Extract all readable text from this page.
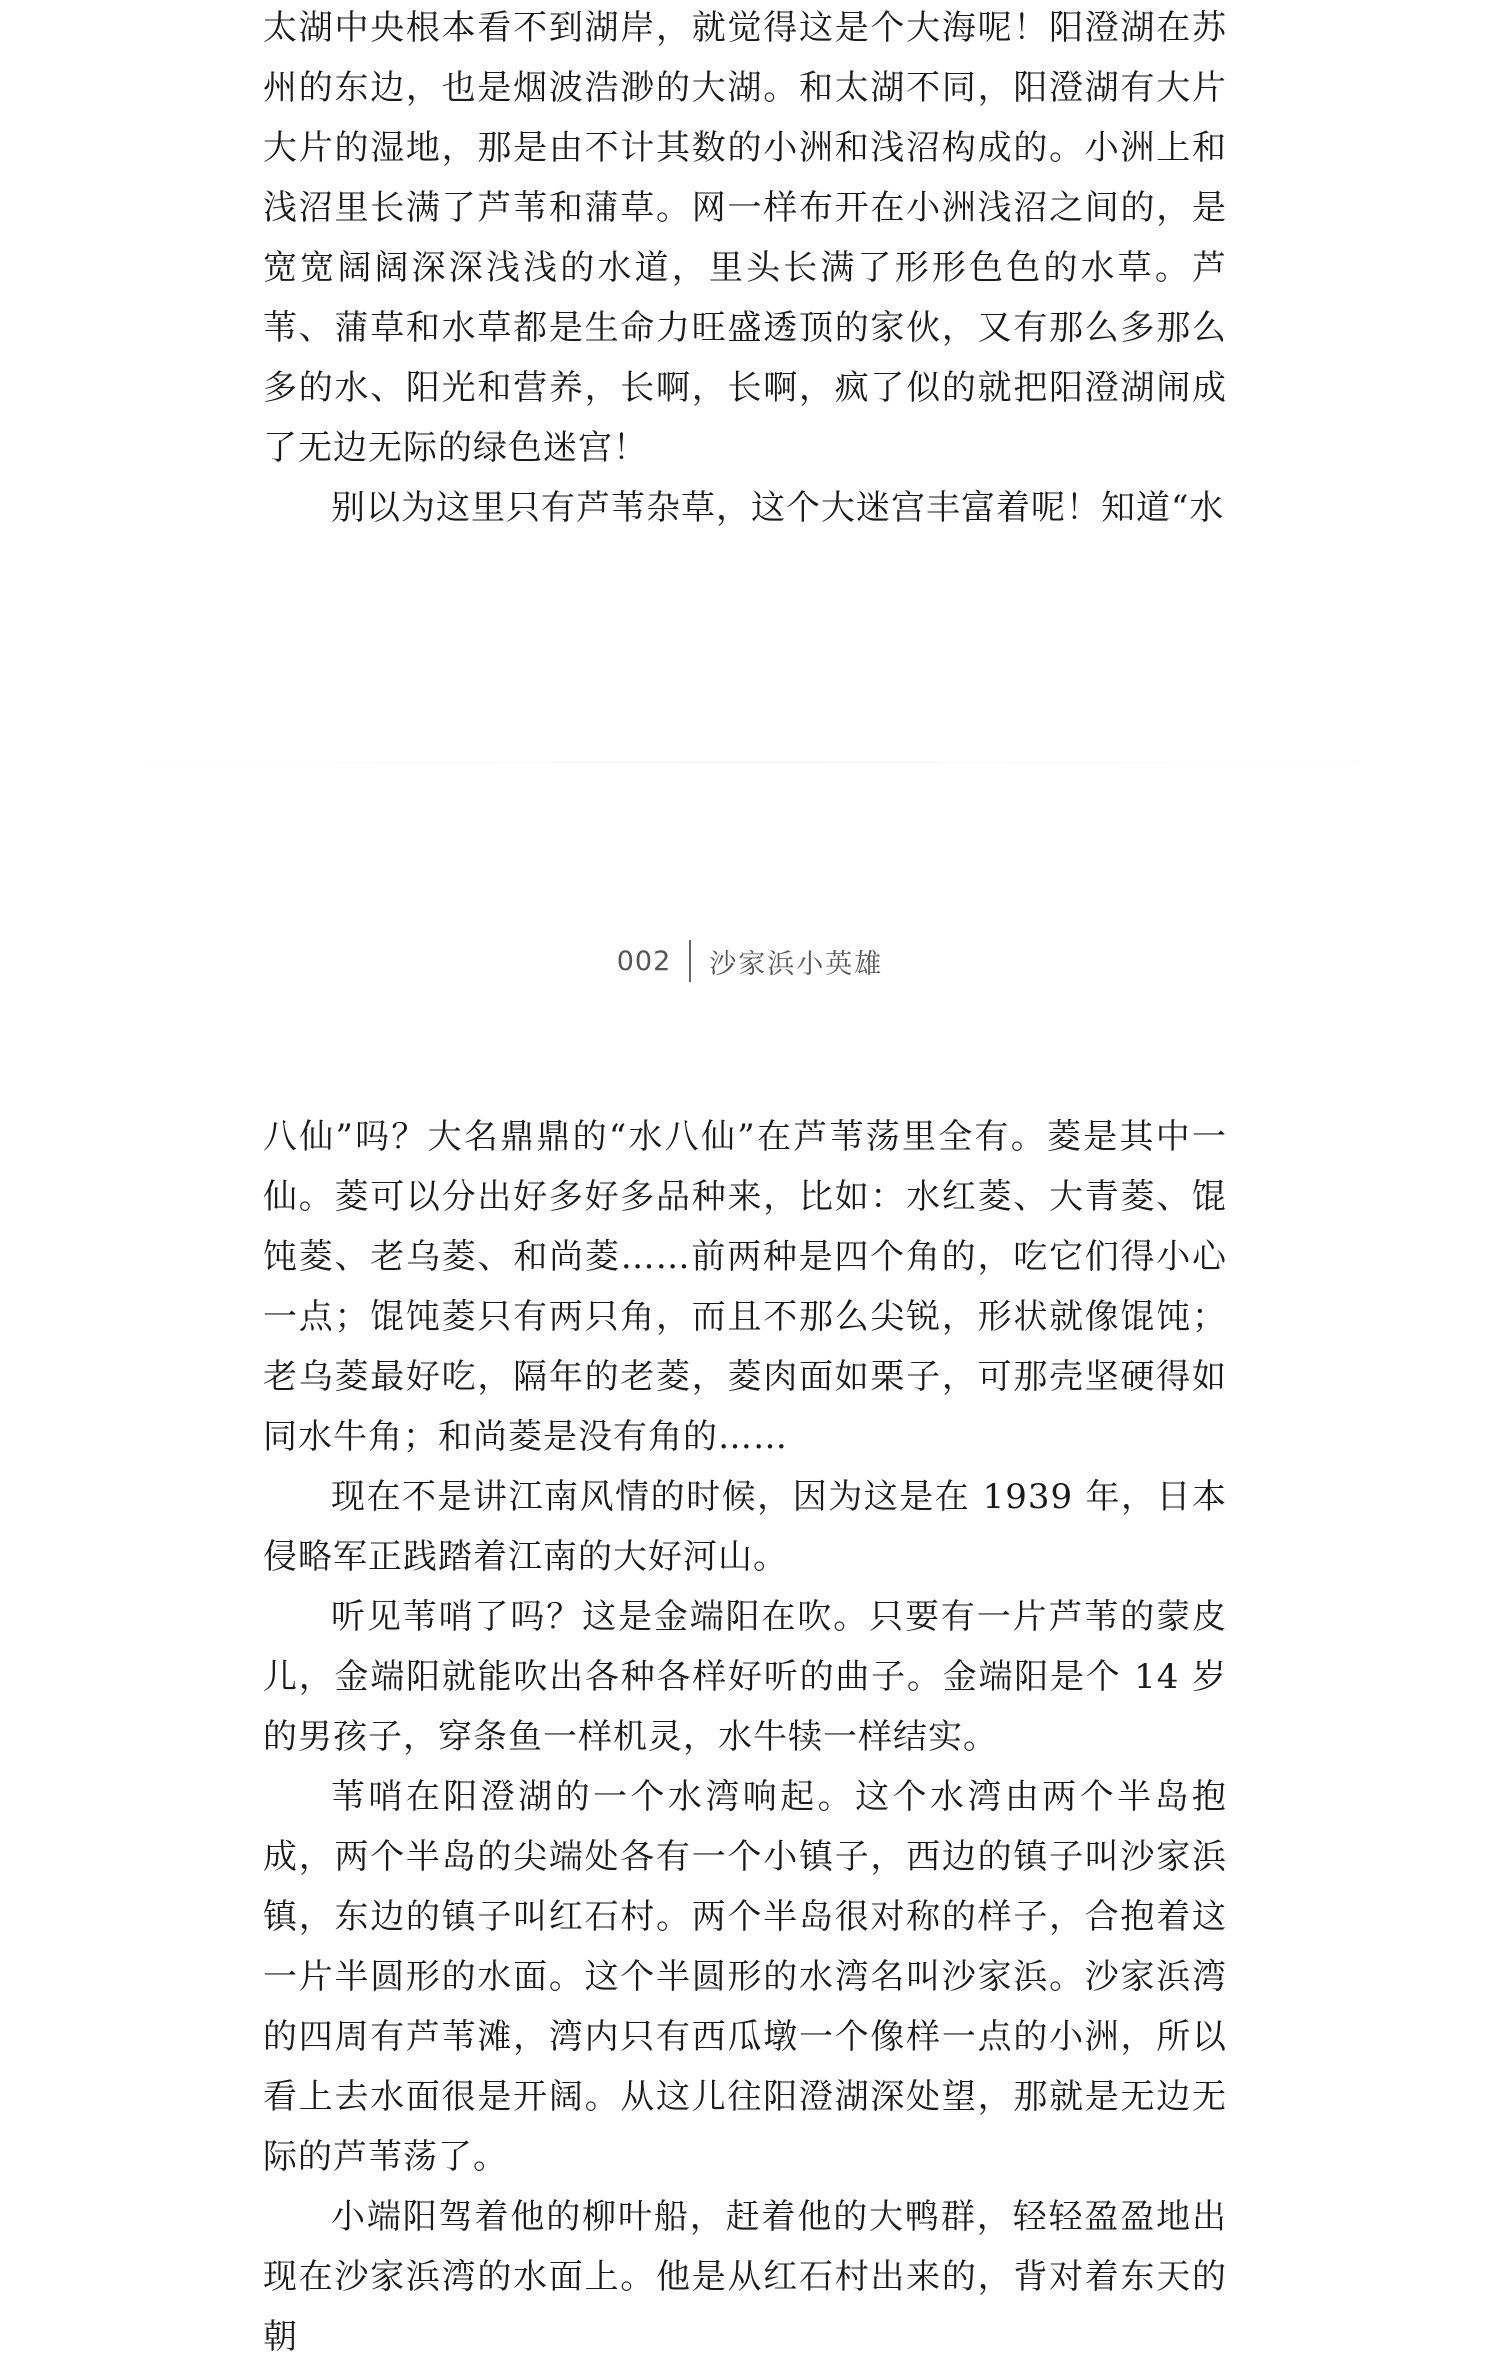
太湖中央根本看不到湖岸，就觉得这是个大海呢！阳澄湖在苏州的东边，也是烟波浩渺的大湖。和太湖不同，阳澄湖有大片大片的湿地，那是由不计其数的小洲和浅沼构成的。小洲上和浅沼里长满了芦苇和蒲草。网一样布开在小洲浅沼之间的，是宽宽阔阔深深浅浅的水道，里头长满了形形色色的水草。芦苇、蒲草和水草都是生命力旺盛透顶的家伙，又有那么多那么多的水、阳光和营养，长啊，长啊，疯了似的就把阳澄湖闹成了无边无际的绿色迷宫！

别以为这里只有芦苇杂草，这个大迷宫丰富着呢！知道“水

002 沙家浜小英雄

八仙”吗？大名鼎鼎的“水八仙”在芦苇荡里全有。菱是其中一仙。菱可以分出好多好多品种来，比如：水红菱、大青菱、馄饨菱、老乌菱、和尚菱……前两种是四个角的，吃它们得小心一点；馄饨菱只有两只角，而且不那么尖锐，形状就像馄饨；老乌菱最好吃，隔年的老菱，菱肉面如栗子，可那壳坚硬得如同水牛角；和尚菱是没有角的……

现在不是讲江南风情的时候，因为这是在 1939 年，日本侵略军正践踏着江南的大好河山。

听见苇哨了吗？这是金端阳在吹。只要有一片芦苇的蒙皮儿，金端阳就能吹出各种各样好听的曲子。金端阳是个 14 岁的男孩子，穿条鱼一样机灵，水牛犊一样结实。

苇哨在阳澄湖的一个水湾响起。这个水湾由两个半岛抱成，两个半岛的尖端处各有一个小镇子，西边的镇子叫沙家浜镇，东边的镇子叫红石村。两个半岛很对称的样子，合抱着这一片半圆形的水面。这个半圆形的水湾名叫沙家浜。沙家浜湾的四周有芦苇滩，湾内只有西瓜墩一个像样一点的小洲，所以看上去水面很是开阔。从这儿往阳澄湖深处望，那就是无边无际的芦苇荡了。

小端阳驾着他的柳叶船，赶着他的大鸭群，轻轻盈盈地出现在沙家浜湾的水面上。他是从红石村出来的，背对着东天的朝
